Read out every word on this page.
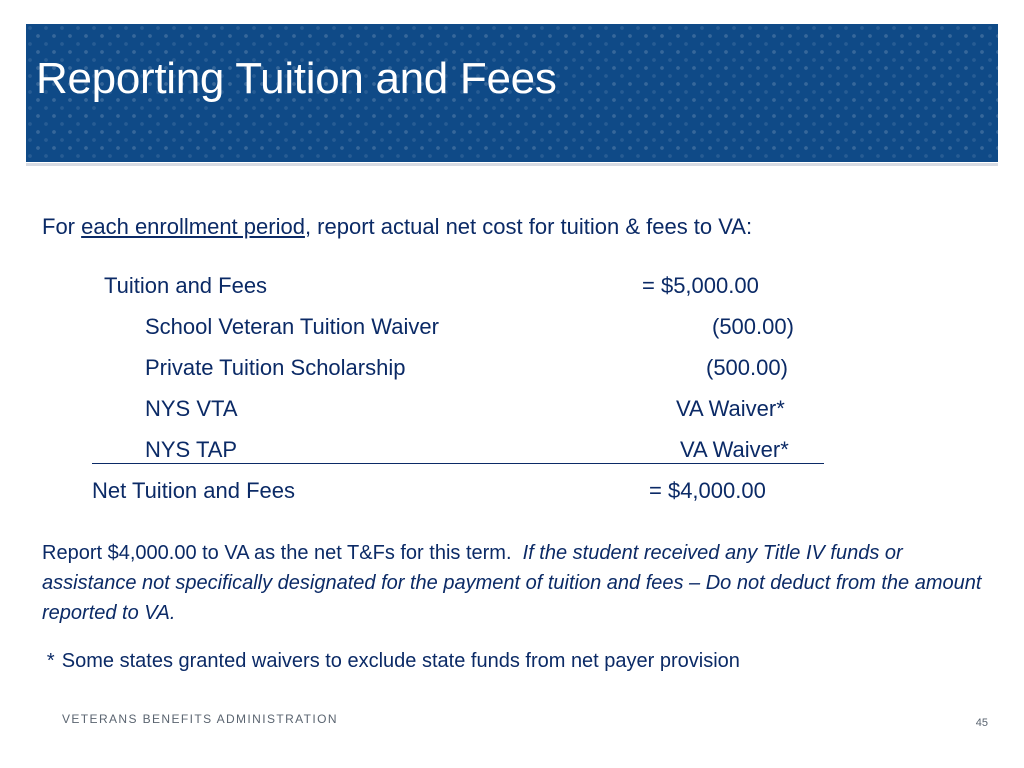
Reporting Tuition and Fees
For each enrollment period, report actual net cost for tuition & fees to VA:
Tuition and Fees	= $5,000.00
School Veteran Tuition Waiver	(500.00)
Private Tuition Scholarship	(500.00)
NYS VTA	VA Waiver*
NYS TAP	VA Waiver*
Net Tuition and Fees	= $4,000.00
Report $4,000.00 to VA as the net T&Fs for this term. If the student received any Title IV funds or assistance not specifically designated for the payment of tuition and fees – Do not deduct from the amount reported to VA.
* Some states granted waivers to exclude state funds from net payer provision
VETERANS BENEFITS ADMINISTRATION	45
